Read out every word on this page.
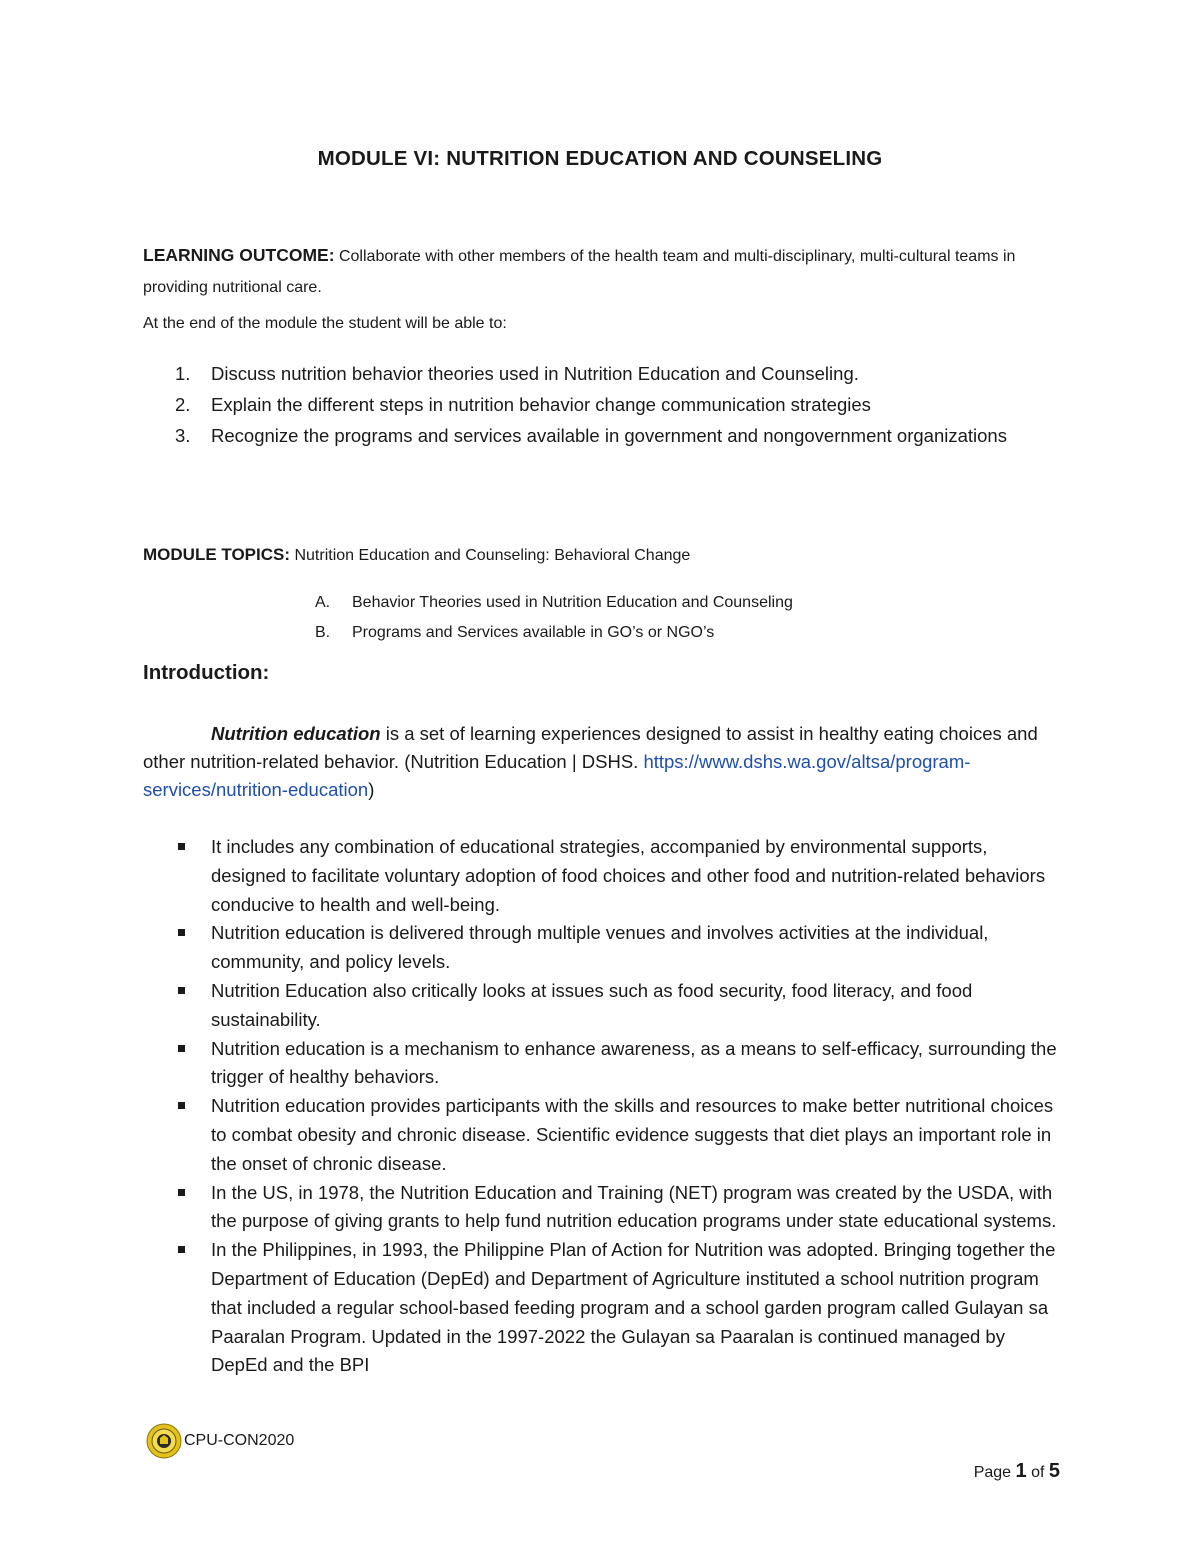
MODULE VI: NUTRITION EDUCATION AND COUNSELING
LEARNING OUTCOME: Collaborate with other members of the health team and multi-disciplinary, multi-cultural teams in providing nutritional care.
At the end of the module the student will be able to:
1. Discuss nutrition behavior theories used in Nutrition Education and Counseling.
2. Explain the different steps in nutrition behavior change communication strategies
3. Recognize the programs and services available in government and nongovernment organizations
MODULE TOPICS: Nutrition Education and Counseling: Behavioral Change
A. Behavior Theories used in Nutrition Education and Counseling
B. Programs and Services available in GO’s or NGO’s
Introduction:
Nutrition education is a set of learning experiences designed to assist in healthy eating choices and other nutrition-related behavior. (Nutrition Education | DSHS. https://www.dshs.wa.gov/altsa/program-services/nutrition-education)
It includes any combination of educational strategies, accompanied by environmental supports, designed to facilitate voluntary adoption of food choices and other food and nutrition-related behaviors conducive to health and well-being.
Nutrition education is delivered through multiple venues and involves activities at the individual, community, and policy levels.
Nutrition Education also critically looks at issues such as food security, food literacy, and food sustainability.
Nutrition education is a mechanism to enhance awareness, as a means to self-efficacy, surrounding the trigger of healthy behaviors.
Nutrition education provides participants with the skills and resources to make better nutritional choices to combat obesity and chronic disease. Scientific evidence suggests that diet plays an important role in the onset of chronic disease.
In the US, in 1978, the Nutrition Education and Training (NET) program was created by the USDA, with the purpose of giving grants to help fund nutrition education programs under state educational systems.
In the Philippines, in 1993, the Philippine Plan of Action for Nutrition was adopted. Bringing together the Department of Education (DepEd) and Department of Agriculture instituted a school nutrition program that included a regular school-based feeding program and a school garden program called Gulayan sa Paaralan Program. Updated in the 1997-2022 the Gulayan sa Paaralan is continued managed by DepEd and the BPI
CPU-CON2020
Page 1 of 5
